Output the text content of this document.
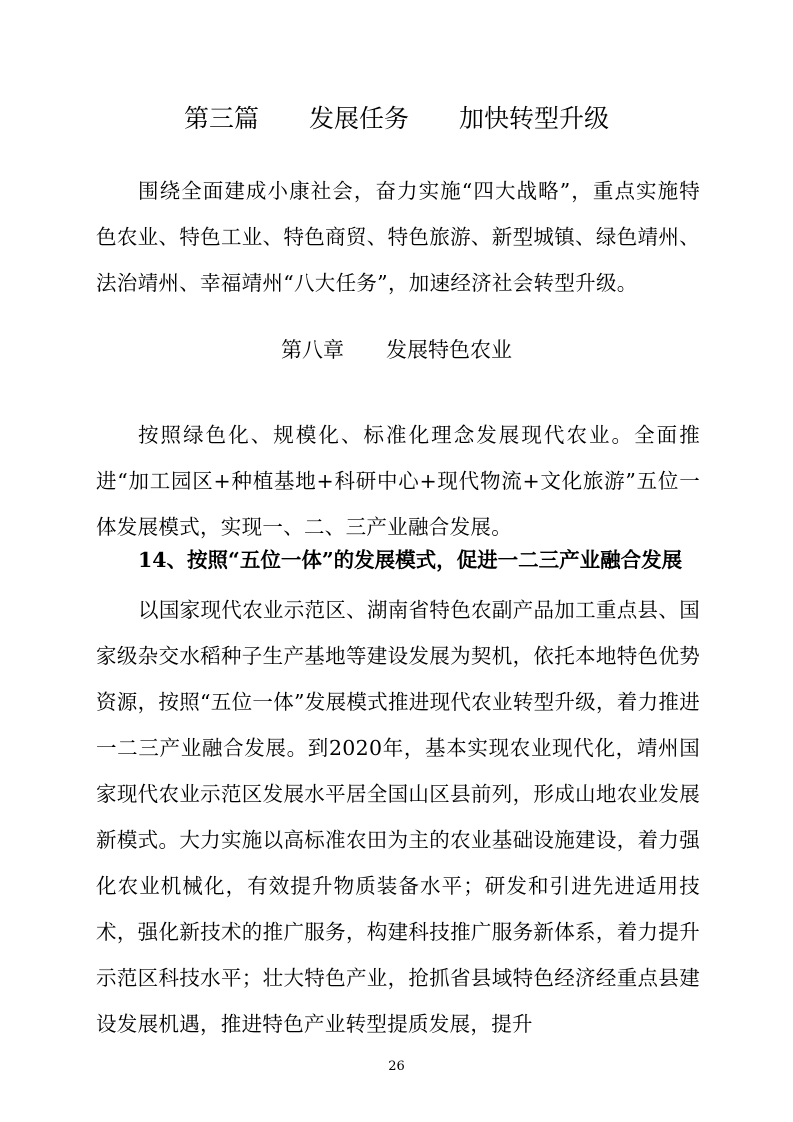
第三篇　　发展任务　　加快转型升级

围绕全面建成小康社会，奋力实施“四大战略”，重点实施特色农业、特色工业、特色商贸、特色旅游、新型城镇、绿色靖州、法治靖州、幸福靖州“八大任务”，加速经济社会转型升级。

第八章　　发展特色农业

按照绿色化、规模化、标准化理念发展现代农业。全面推进“加工园区+种植基地+科研中心+现代物流+文化旅游”五位一体发展模式，实现一、二、三产业融合发展。

14、按照“五位一体”的发展模式，促进一二三产业融合发展

以国家现代农业示范区、湖南省特色农副产品加工重点县、国家级杂交水稻种子生产基地等建设发展为契机，依托本地特色优势资源，按照“五位一体”发展模式推进现代农业转型升级，着力推进一二三产业融合发展。到2020年，基本实现农业现代化，靖州国家现代农业示范区发展水平居全国山区县前列，形成山地农业发展新模式。大力实施以高标准农田为主的农业基础设施建设，着力强化农业机械化，有效提升物质装备水平；研发和引进先进适用技术，强化新技术的推广服务，构建科技推广服务新体系，着力提升示范区科技水平；壮大特色产业，抢抓省县域特色经济经重点县建设发展机遇，推进特色产业转型提质发展，提升

26
